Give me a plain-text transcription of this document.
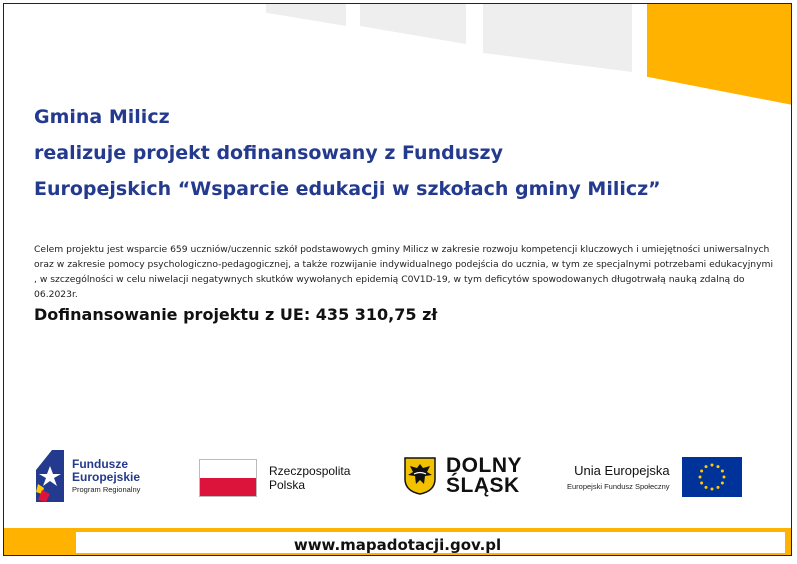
Gmina Milicz
realizuje projekt dofinansowany z Funduszy
Europejskich “Wsparcie edukacji w szkołach gminy Milicz”

Celem projektu jest wsparcie 659 uczniów/uczennic szkół podstawowych gminy Milicz w zakresie rozwoju kompetencji kluczowych i umiejętności uniwersalnych oraz w zakresie pomocy psychologiczno-pedagogicznej, a także rozwijanie indywidualnego podejścia do ucznia, w tym ze specjalnymi potrzebami edukacyjnymi , w szczególności w celu niwelacji negatywnych skutków wywołanych epidemią C0V1D-19, w tym deficytów spowodowanych długotrwałą nauką zdalną do 06.2023r.

Dofinansowanie projektu z UE: 435 310,75 zł

Fundusze
Europejskie
Program Regionalny
Rzeczpospolita
Polska
DOLNY
ŚLĄSK
Unia Europejska
Europejski Fundusz Społeczny
www.mapadotacji.gov.pl
